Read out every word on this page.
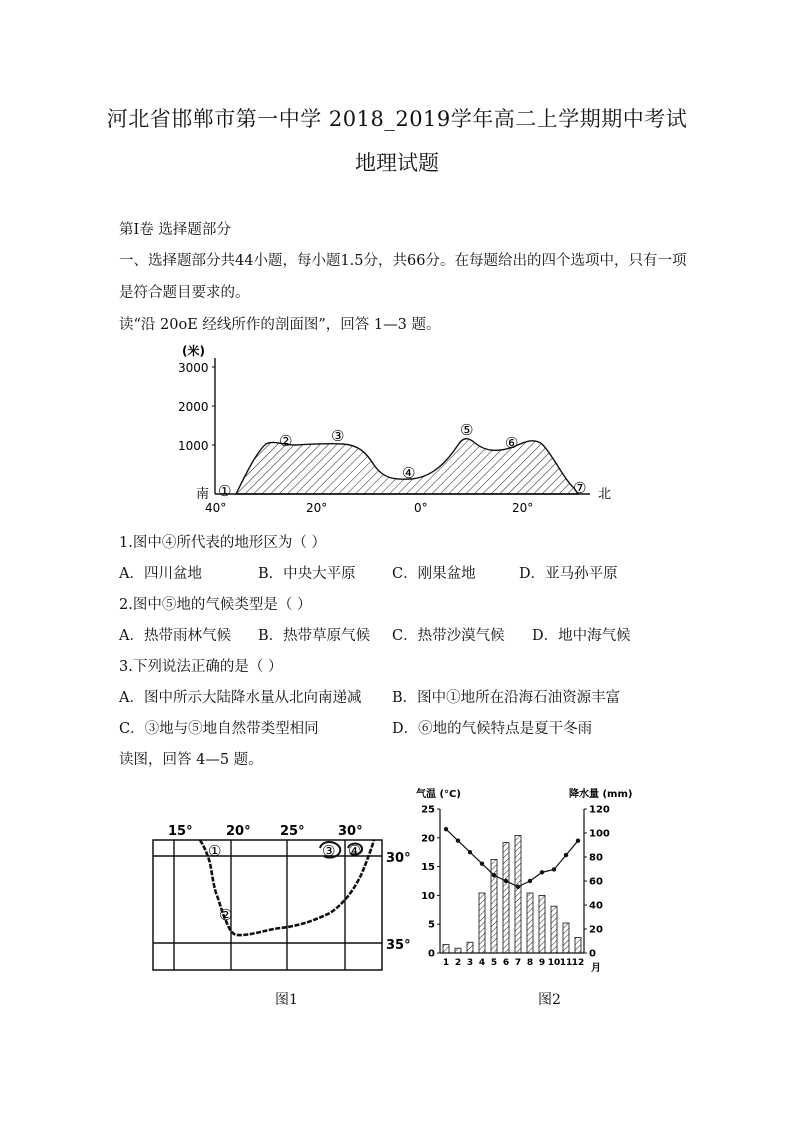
河北省邯郸市第一中学 2018_2019学年高二上学期期中考试
地理试题
第Ⅰ卷 选择题部分
一、选择题部分共44小题，每小题1.5分，共66分。在每题给出的四个选项中，只有一项
是符合题目要求的。
读“沿 20oE 经线所作的剖面图”，回答 1—3 题。
(米)
3000
2000
1000
南	北
40°	20°	0°	20°
①
②	③
④
⑤
⑥
⑦
1.图中④所代表的地形区为（ ）
A．四川盆地	B．中央大平原	C．刚果盆地	D．亚马孙平原
2.图中⑤地的气候类型是（ ）
A．热带雨林气候 B．热带草原气候 C．热带沙漠气候 D．地中海气候
3.下列说法正确的是（ ）
A．图中所示大陆降水量从北向南递减 B．图中①地所在沿海石油资源丰富
C．③地与⑤地自然带类型相同	D．⑥地的气候特点是夏干冬雨
读图，回答 4—5 题。
15°	20° 25°	30°
30°
35°
①
②
③ ④
图1
气温 (°C)	降水量 (mm)
25
20
15
10
5
0
120
100
80
60
40
20
0
1 2 3 4 5 6 7 8 9 10 11 12 月
图2
